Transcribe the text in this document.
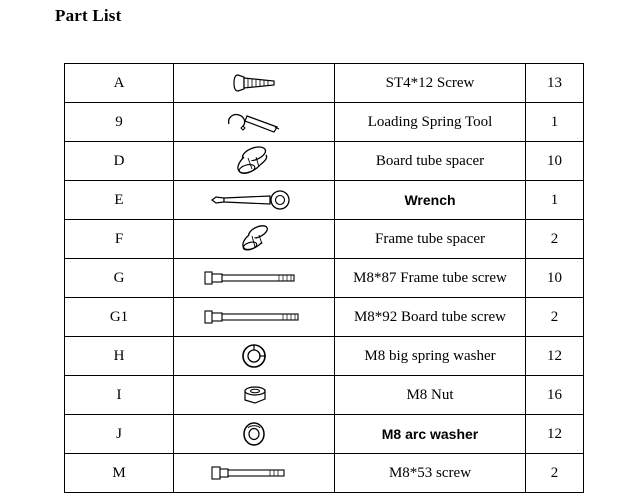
Part List
A		ST4*12 Screw	13
9		Loading Spring Tool	1
D		Board tube spacer	10
E		Wrench	1
F		Frame tube spacer	2
G		M8*87 Frame tube screw	10
G1		M8*92 Board tube screw	2
H		M8 big spring washer	12
I		M8 Nut	16
J		M8 arc washer	12
M		M8*53 screw	2
